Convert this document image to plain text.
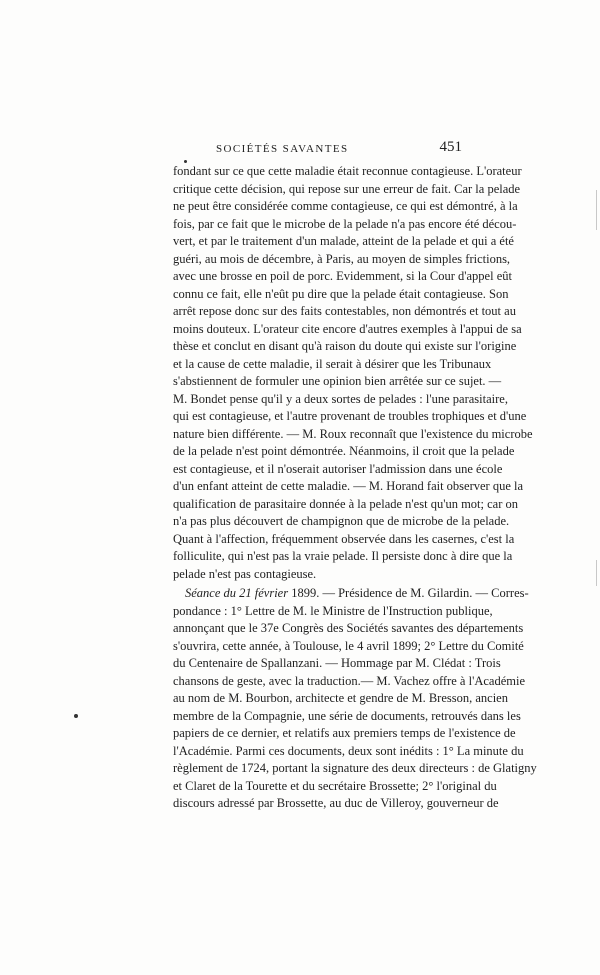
SOCIÉTÉS SAVANTES	451
fondant sur ce que cette maladie était reconnue contagieuse. L'orateur
critique cette décision, qui repose sur une erreur de fait. Car la pelade
ne peut être considérée comme contagieuse, ce qui est démontré, à la
fois, par ce fait que le microbe de la pelade n'a pas encore été décou-
vert, et par le traitement d'un malade, atteint de la pelade et qui a été
guéri, au mois de décembre, à Paris, au moyen de simples frictions,
avec une brosse en poil de porc. Evidemment, si la Cour d'appel eût
connu ce fait, elle n'eût pu dire que la pelade était contagieuse. Son
arrêt repose donc sur des faits contestables, non démontrés et tout au
moins douteux. L'orateur cite encore d'autres exemples à l'appui de sa
thèse et conclut en disant qu'à raison du doute qui existe sur l'origine
et la cause de cette maladie, il serait à désirer que les Tribunaux
s'abstiennent de formuler une opinion bien arrêtée sur ce sujet. —
M. Bondet pense qu'il y a deux sortes de pelades : l'une parasitaire,
qui est contagieuse, et l'autre provenant de troubles trophiques et d'une
nature bien différente. — M. Roux reconnaît que l'existence du microbe
de la pelade n'est point démontrée. Néanmoins, il croit que la pelade
est contagieuse, et il n'oserait autoriser l'admission dans une école
d'un enfant atteint de cette maladie. — M. Horand fait observer que la
qualification de parasitaire donnée à la pelade n'est qu'un mot; car on
n'a pas plus découvert de champignon que de microbe de la pelade.
Quant à l'affection, fréquemment observée dans les casernes, c'est la
folliculite, qui n'est pas la vraie pelade. Il persiste donc à dire que la
pelade n'est pas contagieuse.
Séance du 21 février 1899. — Présidence de M. Gilardin. — Corres-
pondance : 1° Lettre de M. le Ministre de l'Instruction publique,
annonçant que le 37e Congrès des Sociétés savantes des départements
s'ouvrira, cette année, à Toulouse, le 4 avril 1899; 2° Lettre du Comité
du Centenaire de Spallanzani. — Hommage par M. Clédat : Trois
chansons de geste, avec la traduction.— M. Vachez offre à l'Académie
au nom de M. Bourbon, architecte et gendre de M. Bresson, ancien
membre de la Compagnie, une série de documents, retrouvés dans les
papiers de ce dernier, et relatifs aux premiers temps de l'existence de
l'Académie. Parmi ces documents, deux sont inédits : 1° La minute du
règlement de 1724, portant la signature des deux directeurs : de Glatigny
et Claret de la Tourette et du secrétaire Brossette; 2° l'original du
discours adressé par Brossette, au duc de Villeroy, gouverneur de
